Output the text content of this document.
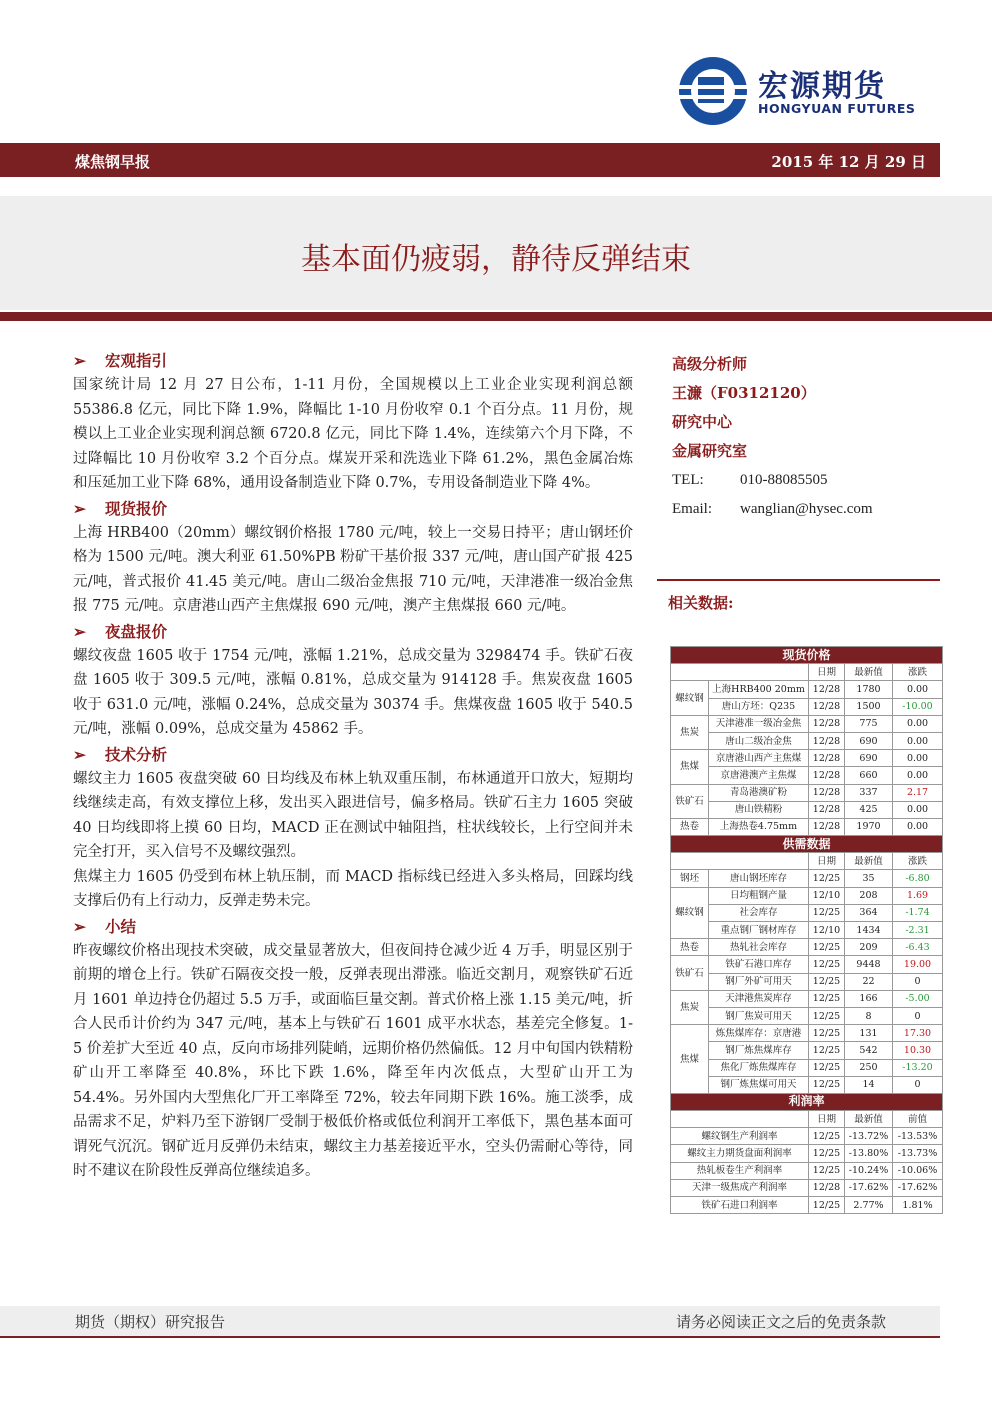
宏源期货
HONGYUAN FUTURES
煤焦钢早报	2015 年 12 月 29 日
基本面仍疲弱，静待反弹结束
➢ 宏观指引

国家统计局 12 月 27 日公布，1-11 月份，全国规模以上工业企业实现利润总额 55386.8 亿元，同比下降 1.9%，降幅比 1-10 月份收窄 0.1 个百分点。11 月份，规模以上工业企业实现利润总额 6720.8 亿元，同比下降 1.4%，连续第六个月下降，不过降幅比 10 月份收窄 3.2 个百分点。煤炭开采和洗选业下降 61.2%，黑色金属冶炼和压延加工业下降 68%，通用设备制造业下降 0.7%，专用设备制造业下降 4%。

➢ 现货报价

上海 HRB400（20mm）螺纹钢价格报 1780 元/吨，较上一交易日持平；唐山钢坯价格为 1500 元/吨。澳大利亚 61.50%PB 粉矿干基价报 337 元/吨，唐山国产矿报 425 元/吨，普式报价 41.45 美元/吨。唐山二级冶金焦报 710 元/吨，天津港准一级冶金焦报 775 元/吨。京唐港山西产主焦煤报 690 元/吨，澳产主焦煤报 660 元/吨。

➢ 夜盘报价

螺纹夜盘 1605 收于 1754 元/吨，涨幅 1.21%，总成交量为 3298474 手。铁矿石夜盘 1605 收于 309.5 元/吨，涨幅 0.81%，总成交量为 914128 手。焦炭夜盘 1605 收于 631.0 元/吨，涨幅 0.24%，总成交量为 30374 手。焦煤夜盘 1605 收于 540.5 元/吨，涨幅 0.09%，总成交量为 45862 手。

➢ 技术分析

螺纹主力 1605 夜盘突破 60 日均线及布林上轨双重压制，布林通道开口放大，短期均线继续走高，有效支撑位上移，发出买入跟进信号，偏多格局。铁矿石主力 1605 突破 40 日均线即将上摸 60 日均，MACD 正在测试中轴阻挡，柱状线较长，上行空间并未完全打开，买入信号不及螺纹强烈。

焦煤主力 1605 仍受到布林上轨压制，而 MACD 指标线已经进入多头格局，回踩均线支撑后仍有上行动力，反弹走势未完。

➢ 小结

昨夜螺纹价格出现技术突破，成交量显著放大，但夜间持仓减少近 4 万手，明显区别于前期的增仓上行。铁矿石隔夜交投一般，反弹表现出滞涨。临近交割月，观察铁矿石近月 1601 单边持仓仍超过 5.5 万手，或面临巨量交割。普式价格上涨 1.15 美元/吨，折合人民币计价约为 347 元/吨，基本上与铁矿石 1601 成平水状态，基差完全修复。1-5 价差扩大至近 40 点，反向市场排列陡峭，远期价格仍然偏低。12 月中旬国内铁精粉矿山开工率降至 40.8%，环比下跌 1.6%，降至年内次低点，大型矿山开工为 54.4%。另外国内大型焦化厂开工率降至 72%，较去年同期下跌 16%。施工淡季，成品需求不足，炉料乃至下游钢厂受制于极低价格或低位利润开工率低下，黑色基本面可谓死气沉沉。钢矿近月反弹仍未结束，螺纹主力基差接近平水，空头仍需耐心等待，同时不建议在阶段性反弹高位继续追多。

高级分析师
王濂（F0312120）
研究中心
金属研究室
TEL: 010-88085505
Email: wanglian@hysec.com
相关数据:
现货价格				
		日期	最新值	涨跌
螺纹钢	上海HRB400 20mm	12/28	1780	0.00
	唐山方坯：Q235	12/28	1500	-10.00
焦炭	天津港准一级冶金焦	12/28	775	0.00
	唐山二级冶金焦	12/28	690	0.00
焦煤	京唐港山西产主焦煤	12/28	690	0.00
	京唐港澳产主焦煤	12/28	660	0.00
铁矿石	青岛港澳矿粉	12/28	337	2.17
	唐山铁精粉	12/28	425	0.00
热卷	上海热卷4.75mm	12/28	1970	0.00
供需数据				
		日期	最新值	涨跌
钢坯	唐山钢坯库存	12/25	35	-6.80
螺纹钢	日均粗钢产量	12/10	208	1.69
	社会库存	12/25	364	-1.74
	重点钢厂钢材库存	12/10	1434	-2.31
热卷	热轧社会库存	12/25	209	-6.43
铁矿石	铁矿石港口库存	12/25	9448	19.00
	钢厂外矿可用天	12/25	22	0
焦炭	天津港焦炭库存	12/25	166	-5.00
	钢厂焦炭可用天	12/25	8	0
焦煤	炼焦煤库存：京唐港	12/25	131	17.30
	钢厂炼焦煤库存	12/25	542	10.30
	焦化厂炼焦煤库存	12/25	250	-13.20
	钢厂炼焦煤可用天	12/25	14	0
利润率				
		日期	最新值	前值
螺纹钢生产利润率		12/25	-13.72%	-13.53%
螺纹主力期货盘面利润率		12/25	-13.80%	-13.73%
热轧板卷生产利润率		12/25	-10.24%	-10.06%
天津一级焦成产利润率		12/28	-17.62%	-17.62%
铁矿石进口利润率		12/25	2.77%	1.81%
期货（期权）研究报告	请务必阅读正文之后的免责条款
